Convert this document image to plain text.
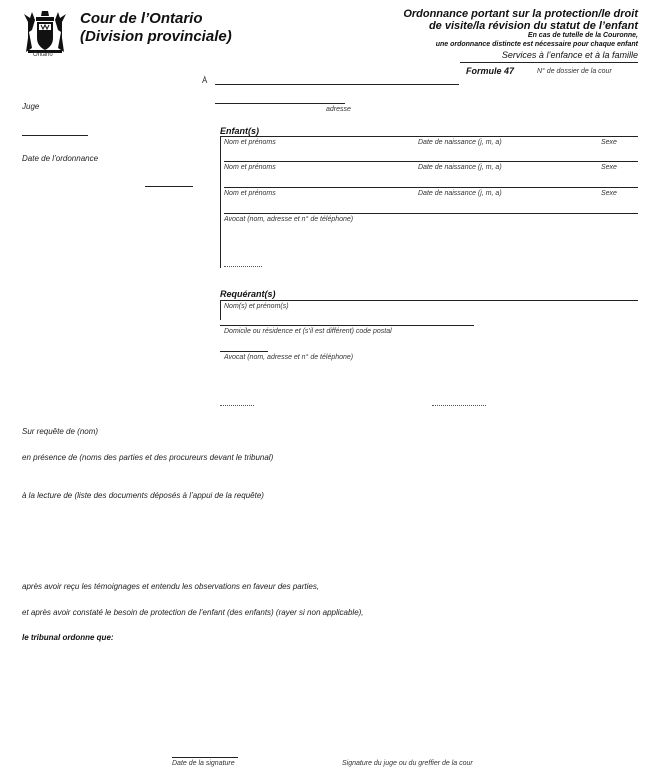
Ontario
Cour de l’Ontario
(Division provinciale)
Ordonnance portant sur la protection/le droit
de visite/la révision du statut de l’enfant
En cas de tutelle de la Couronne,
une ordonnance distincte est nécessaire pour chaque enfant
Services à l’enfance et à la famille
Formule 47	N° de dossier de la cour
À
adresse
Juge
Date de l’ordonnance
Enfant(s)
Nom et prénoms	Date de naissance (j, m, a)	Sexe
Nom et prénoms	Date de naissance (j, m, a)	Sexe
Nom et prénoms	Date de naissance (j, m, a)	Sexe
Avocat (nom, adresse et n° de téléphone)
Requérant(s)
Nom(s) et prénom(s)
Domicile ou résidence et (s’il est différent) code postal
Avocat (nom, adresse et n° de téléphone)
Sur requête de (nom)
en présence de (noms des parties et des procureurs devant le tribunal)
à la lecture de (liste des documents déposés à l’appui de la requête)
après avoir reçu les témoignages et entendu les observations en faveur des parties,
et après avoir constaté le besoin de protection de l’enfant (des enfants) (rayer si non applicable),
le tribunal ordonne que:
Date de la signature	Signature du juge ou du greffier de la cour
